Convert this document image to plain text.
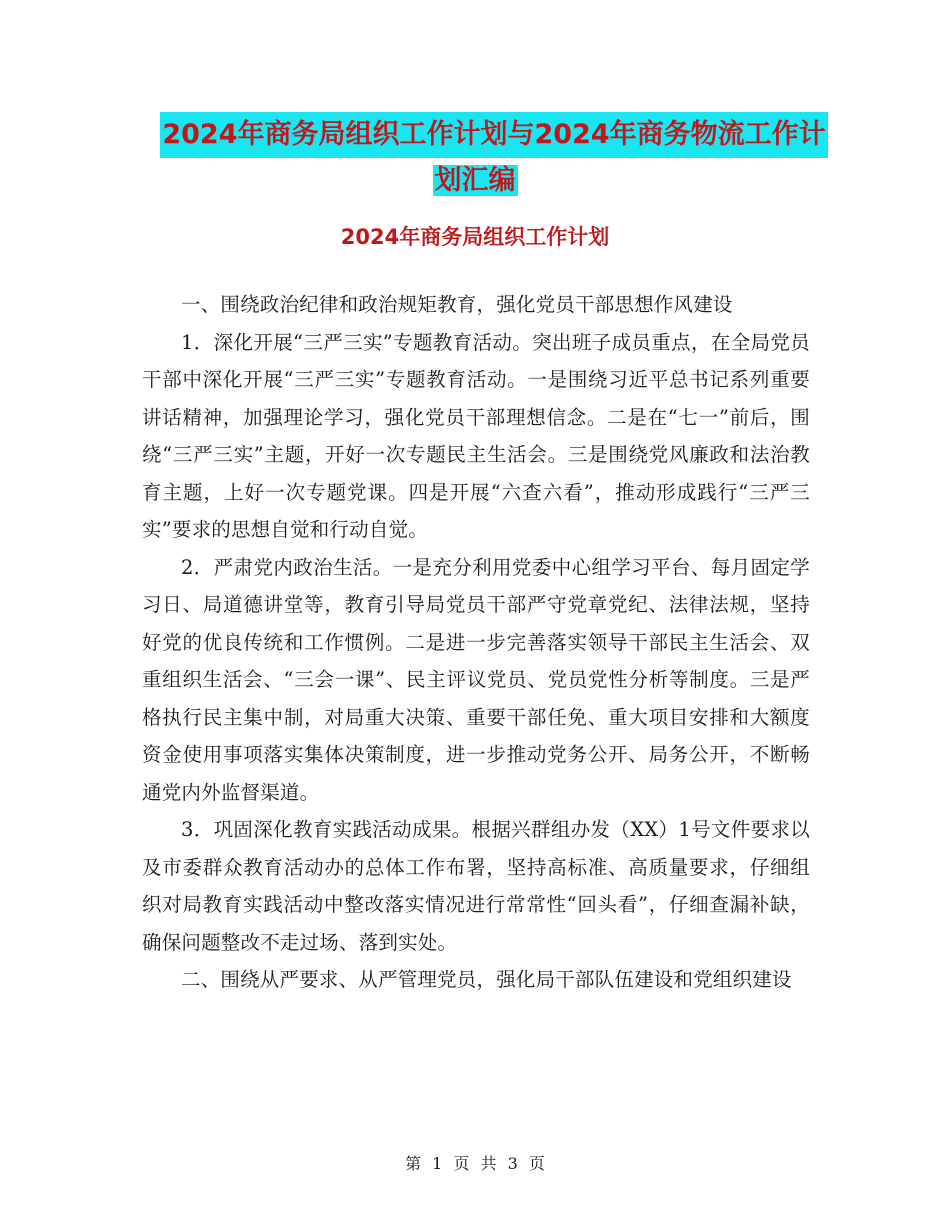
2024年商务局组织工作计划与2024年商务物流工作计
划汇编
2024年商务局组织工作计划

一、围绕政治纪律和政治规矩教育，强化党员干部思想作风建设

1．深化开展“三严三实”专题教育活动。突出班子成员重点，在全局党员干部中深化开展“三严三实”专题教育活动。一是围绕习近平总书记系列重要讲话精神，加强理论学习，强化党员干部理想信念。二是在“七一”前后，围绕“三严三实”主题，开好一次专题民主生活会。三是围绕党风廉政和法治教育主题，上好一次专题党课。四是开展“六查六看”，推动形成践行“三严三实”要求的思想自觉和行动自觉。

2．严肃党内政治生活。一是充分利用党委中心组学习平台、每月固定学习日、局道德讲堂等，教育引导局党员干部严守党章党纪、法律法规，坚持好党的优良传统和工作惯例。二是进一步完善落实领导干部民主生活会、双重组织生活会、“三会一课”、民主评议党员、党员党性分析等制度。三是严格执行民主集中制，对局重大决策、重要干部任免、重大项目安排和大额度资金使用事项落实集体决策制度，进一步推动党务公开、局务公开，不断畅通党内外监督渠道。

3．巩固深化教育实践活动成果。根据兴群组办发（XX）1号文件要求以及市委群众教育活动办的总体工作布署，坚持高标准、高质量要求，仔细组织对局教育实践活动中整改落实情况进行常常性“回头看”，仔细查漏补缺，确保问题整改不走过场、落到实处。

二、围绕从严要求、从严管理党员，强化局干部队伍建设和党组织建设

第 1 页 共 3 页
